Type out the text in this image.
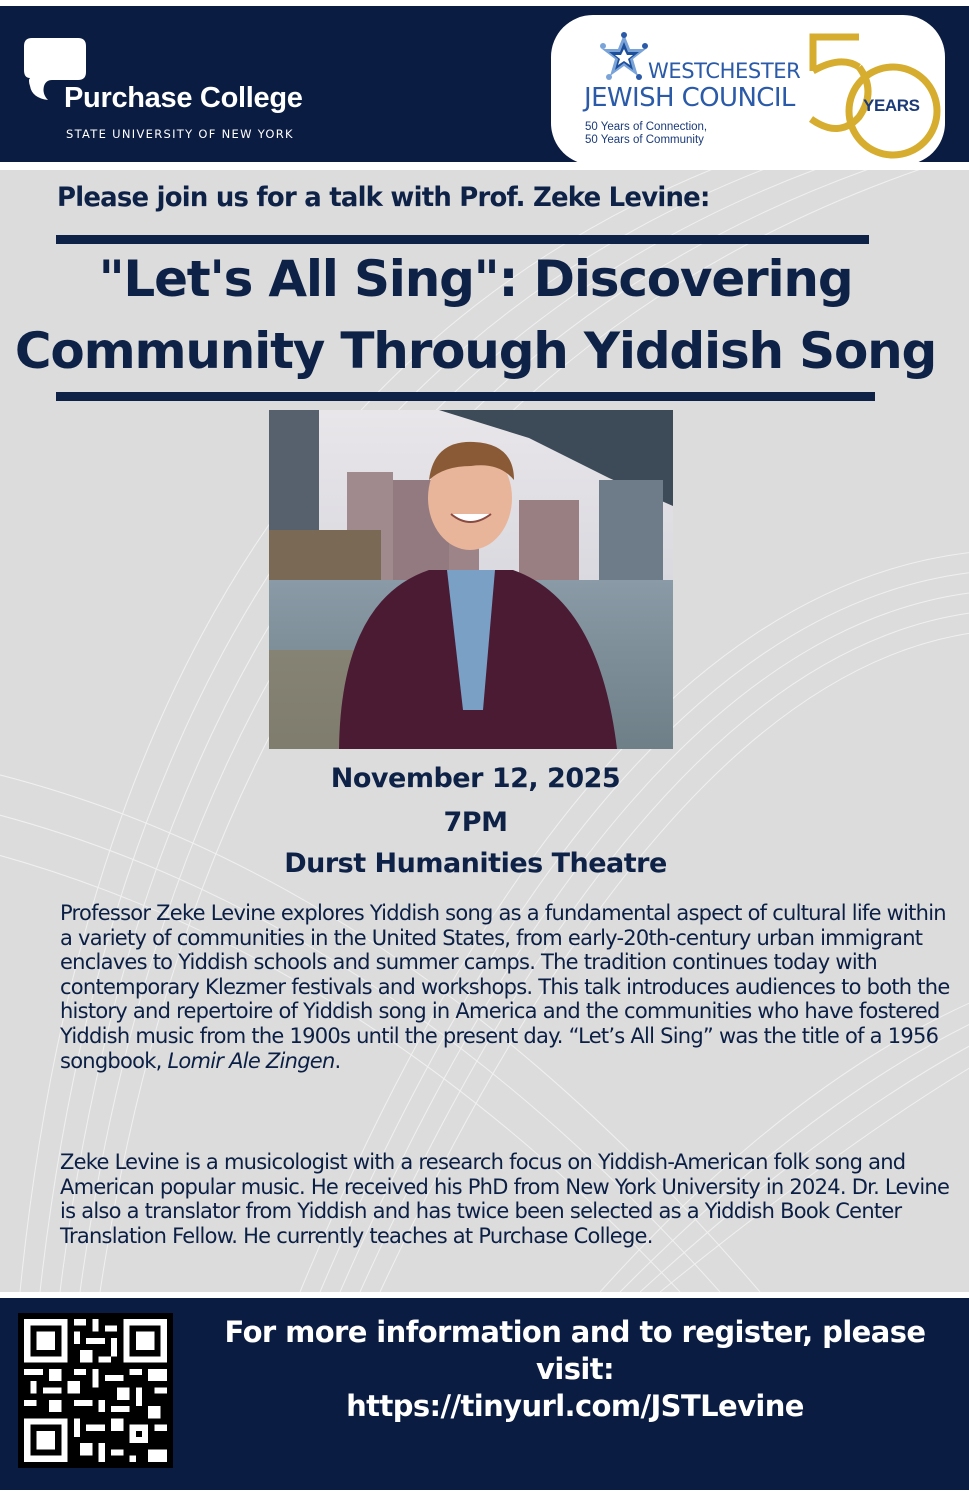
Purchase College
STATE UNIVERSITY OF NEW YORK
WESTCHESTER
JEWISH COUNCIL
50 Years of Connection,
50 Years of Community
YEARS
Please join us for a talk with Prof. Zeke Levine:
"Let's All Sing": Discovering
Community Through Yiddish Song
November 12, 2025
7PM
Durst Humanities Theatre

Professor Zeke Levine explores Yiddish song as a fundamental aspect of cultural life within a variety of communities in the United States, from early-20th-century urban immigrant enclaves to Yiddish schools and summer camps. The tradition continues today with contemporary Klezmer festivals and workshops. This talk introduces audiences to both the history and repertoire of Yiddish song in America and the communities who have fostered Yiddish music from the 1900s until the present day. “Let’s All Sing” was the title of a 1956 songbook, Lomir Ale Zingen.

Zeke Levine is a musicologist with a research focus on Yiddish-American folk song and American popular music. He received his PhD from New York University in 2024. Dr. Levine is also a translator from Yiddish and has twice been selected as a Yiddish Book Center Translation Fellow. He currently teaches at Purchase College.

For more information and to register, please
visit:
https://tinyurl.com/JSTLevine
